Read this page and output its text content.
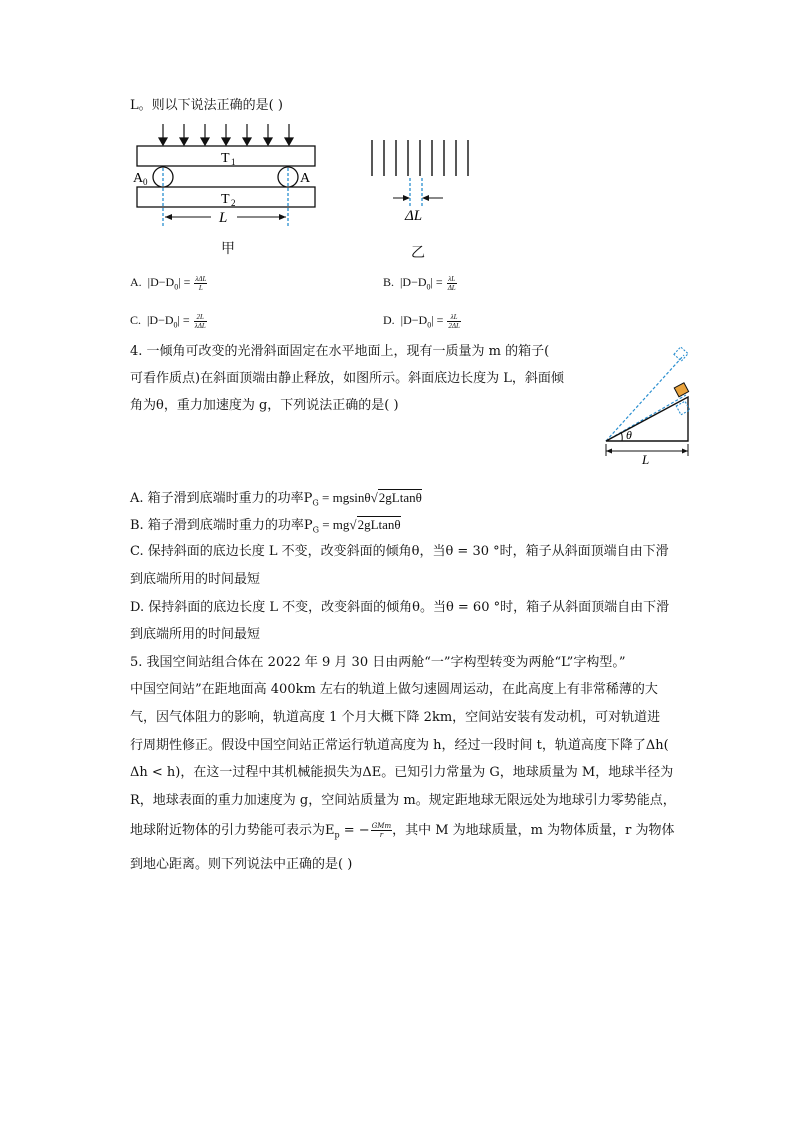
L。则以下说法正确的是( )
T 1
T 2
A 0	A
L
甲
ΔL
乙
A. $|D-D_0| = \frac{\text{λΔL}}{L}$	B. $|D-D_0| = \frac{\lambda L}{\Delta L}$
C. $|D-D_0| = \frac{2L}{\text{λΔL}}$	D. $|D-D_0| = \frac{\lambda L}{2\Delta L}$
4. 一倾角可改变的光滑斜面固定在水平地面上，现有一质量为 m 的箱子(
可看作质点)在斜面顶端由静止释放，如图所示。斜面底边长度为 L，斜面倾
角为θ，重力加速度为 g，下列说法正确的是( )
θ
L
A. 箱子滑到底端时重力的功率$P_G = mgsin\theta√2gLtan\theta$
B. 箱子滑到底端时重力的功率$P_G = mg√2gLtan\theta$
C. 保持斜面的底边长度 L 不变，改变斜面的倾角θ，当θ = 30 °时，箱子从斜面顶端自由下滑
到底端所用的时间最短
D. 保持斜面的底边长度 L 不变，改变斜面的倾角θ。当θ = 60 °时，箱子从斜面顶端自由下滑
到底端所用的时间最短
5. 我国空间站组合体在 2022 年 9 月 30 日由两舱“一”字构型转变为两舱“L”字构型。”
中国空间站”在距地面高 400km 左右的轨道上做匀速圆周运动，在此高度上有非常稀薄的大
气，因气体阻力的影响，轨道高度 1 个月大概下降 2km，空间站安装有发动机，可对轨道进
行周期性修正。假设中国空间站正常运行轨道高度为 h，经过一段时间 t，轨道高度下降了Δh(
Δh < h)，在这一过程中其机械能损失为ΔE。已知引力常量为 G，地球质量为 M，地球半径为
R，地球表面的重力加速度为 g，空间站质量为 m。规定距地球无限远处为地球引力零势能点，
地球附近物体的引力势能可表示为$E_p$ = − $\frac{\text{GMm}}{r}$ ，其中 M 为地球质量，m 为物体质量，r 为物体
到地心距离。则下列说法中正确的是( )
